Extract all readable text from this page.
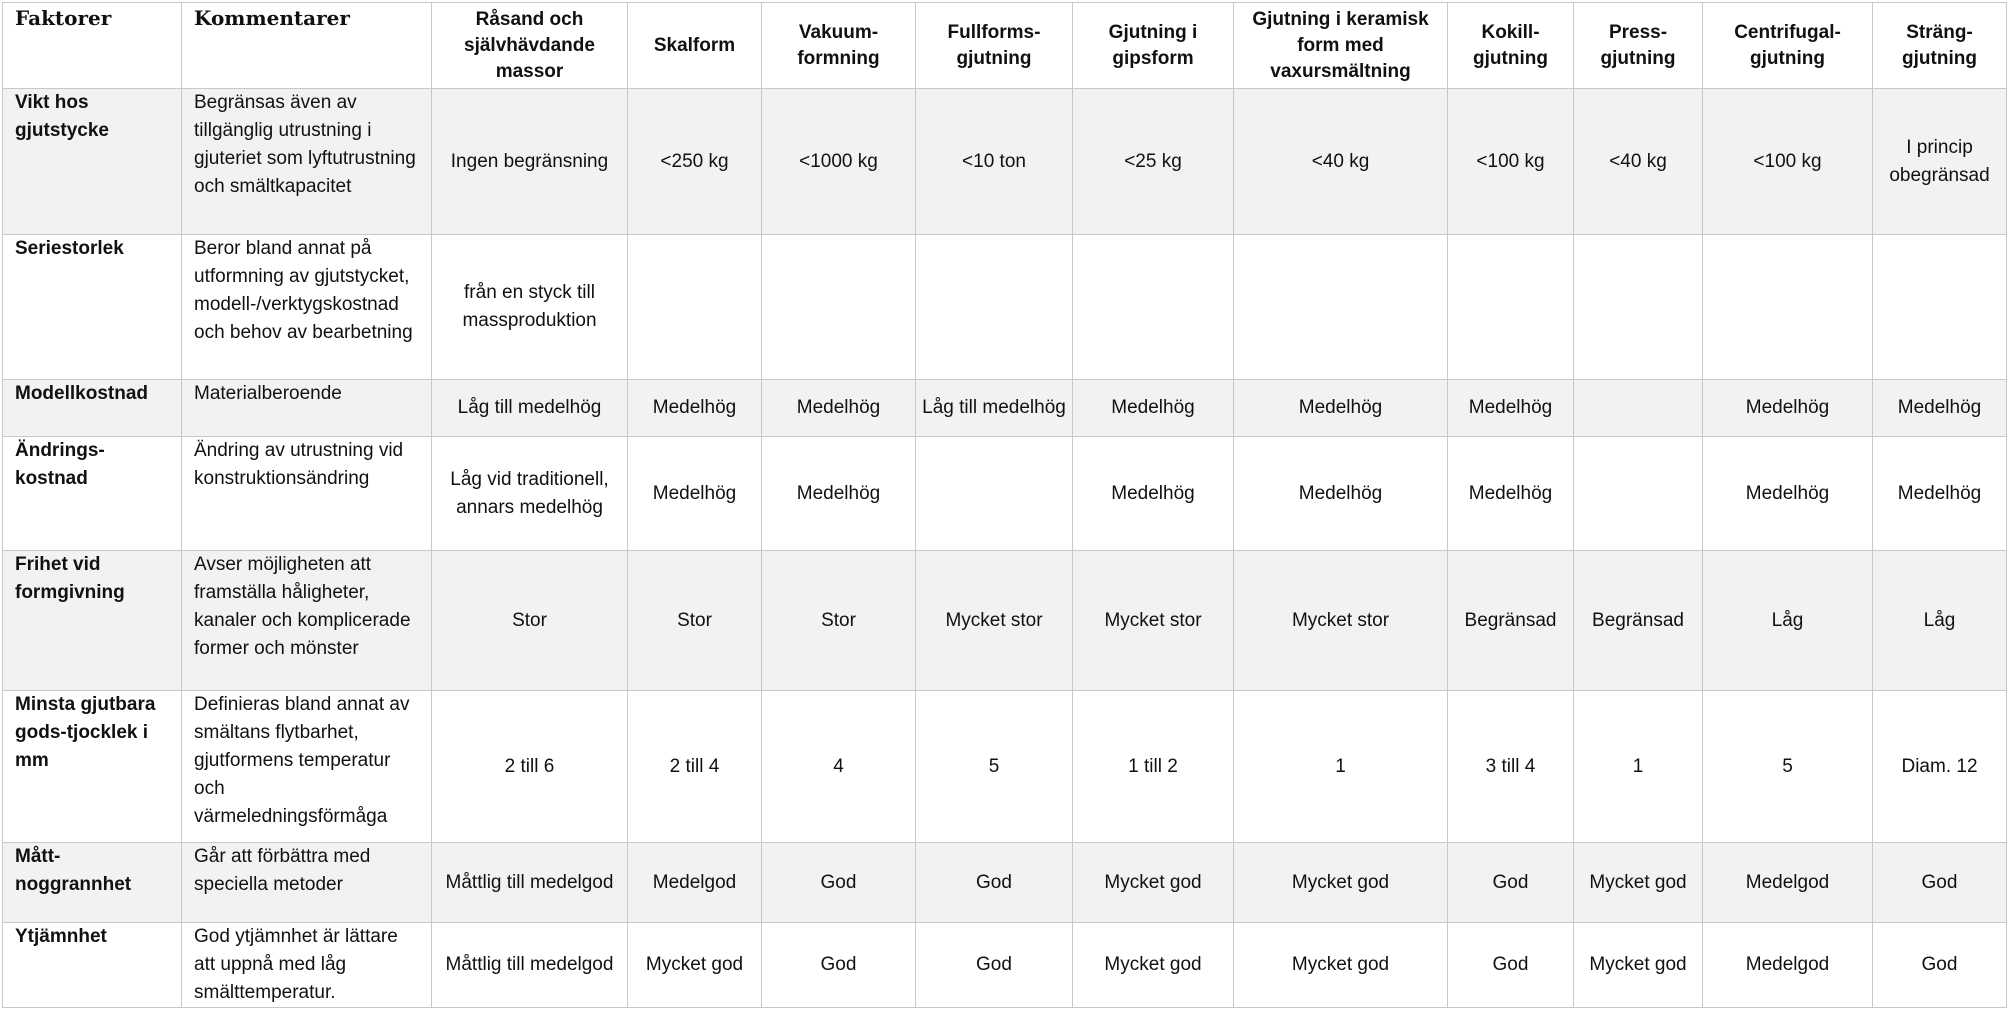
Faktorer	Kommentarer	Råsand och självhävdande massor	Skalform	Vakuum-formning	Fullforms-gjutning	Gjutning i gipsform	Gjutning i keramisk form med vaxursmältning	Kokill-gjutning	Press-gjutning	Centrifugal-gjutning	Sträng-gjutning
Vikt hos gjutstycke	Begränsas även av tillgänglig utrustning i gjuteriet som lyftutrustning och smältkapacitet	Ingen begränsning	<250 kg	<1000 kg	<10 ton	<25 kg	<40 kg	<100 kg	<40 kg	<100 kg	I princip obegränsad
Seriestorlek	Beror bland annat på utformning av gjutstycket, modell-/verktygskostnad och behov av bearbetning	från en styck till massproduktion									
Modellkostnad	Materialberoende	Låg till medelhög	Medelhög	Medelhög	Låg till medelhög	Medelhög	Medelhög	Medelhög		Medelhög	Medelhög
Ändrings-kostnad	Ändring av utrustning vid konstruktionsändring	Låg vid traditionell, annars medelhög	Medelhög	Medelhög		Medelhög	Medelhög	Medelhög		Medelhög	Medelhög
Frihet vid formgivning	Avser möjligheten att framställa håligheter, kanaler och komplicerade former och mönster	Stor	Stor	Stor	Mycket stor	Mycket stor	Mycket stor	Begränsad	Begränsad	Låg	Låg
Minsta gjutbara gods-tjocklek i mm	Definieras bland annat av smältans flytbarhet, gjutformens temperatur och värmeledningsförmåga	2 till 6	2 till 4	4	5	1 till 2	1	3 till 4	1	5	Diam. 12
Mått-noggrannhet	Går att förbättra med speciella metoder	Måttlig till medelgod	Medelgod	God	God	Mycket god	Mycket god	God	Mycket god	Medelgod	God
Ytjämnhet	God ytjämnhet är lättare att uppnå med låg smälttemperatur.	Måttlig till medelgod	Mycket god	God	God	Mycket god	Mycket god	God	Mycket god	Medelgod	God
